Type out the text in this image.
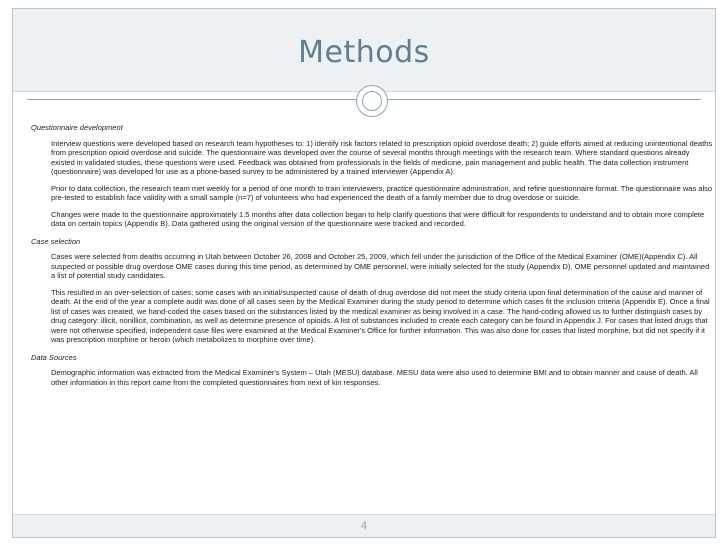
Methods
Questionnaire development

Interview questions were developed based on research team hypotheses to: 1) identify risk factors related to prescription opioid overdose death; 2) guide efforts aimed at reducing unintentional deaths from prescription opioid overdose and suicide. The questionnaire was developed over the course of several months through meetings with the research team. Where standard questions already existed in validated studies, these questions were used. Feedback was obtained from professionals in the fields of medicine, pain management and public health. The data collection instrument (questionnaire) was developed for use as a phone-based survey to be administered by a trained interviewer (Appendix A).

Prior to data collection, the research team met weekly for a period of one month to train interviewers, practice questionnaire administration, and refine questionnaire format. The questionnaire was also pre-tested to establish face validity with a small sample (n=7) of volunteers who had experienced the death of a family member due to drug overdose or suicide.

Changes were made to the questionnaire approximately 1.5 months after data collection began to help clarify questions that were difficult for respondents to understand and to obtain more complete data on certain topics (Appendix B). Data gathered using the original version of the questionnaire were tracked and recorded.

Case selection

Cases were selected from deaths occurring in Utah between October 26, 2008 and October 25, 2009, which fell under the jurisdiction of the Office of the Medical Examiner (OME)(Appendix C). All suspected or possible drug overdose OME cases during this time period, as determined by OME personnel, were initially selected for the study (Appendix D). OME personnel updated and maintained a list of potential study candidates.

This resulted in an over-selection of cases; some cases with an initial/suspected cause of death of drug overdose did not meet the study criteria upon final determination of the cause and manner of death. At the end of the year a complete audit was done of all cases seen by the Medical Examiner during the study period to determine which cases fit the inclusion criteria (Appendix E). Once a final list of cases was created, we hand-coded the cases based on the substances listed by the medical examiner as being involved in a case. The hand-coding allowed us to further distinguish cases by drug category: illicit, nonillicit, combination, as well as determine presence of opioids. A list of substances included to create each category can be found in Appendix J. For cases that listed drugs that were not otherwise specified, independent case files were examined at the Medical Examiner's Office for further information. This was also done for cases that listed morphine, but did not specify if it was prescription morphine or heroin (which metabolizes to morphine over time).

Data Sources

Demographic information was extracted from the Medical Examiner's System – Utah (MESU) database. MESU data were also used to determine BMI and to obtain manner and cause of death. All other information in this report came from the completed questionnaires from next of kin responses.

4
